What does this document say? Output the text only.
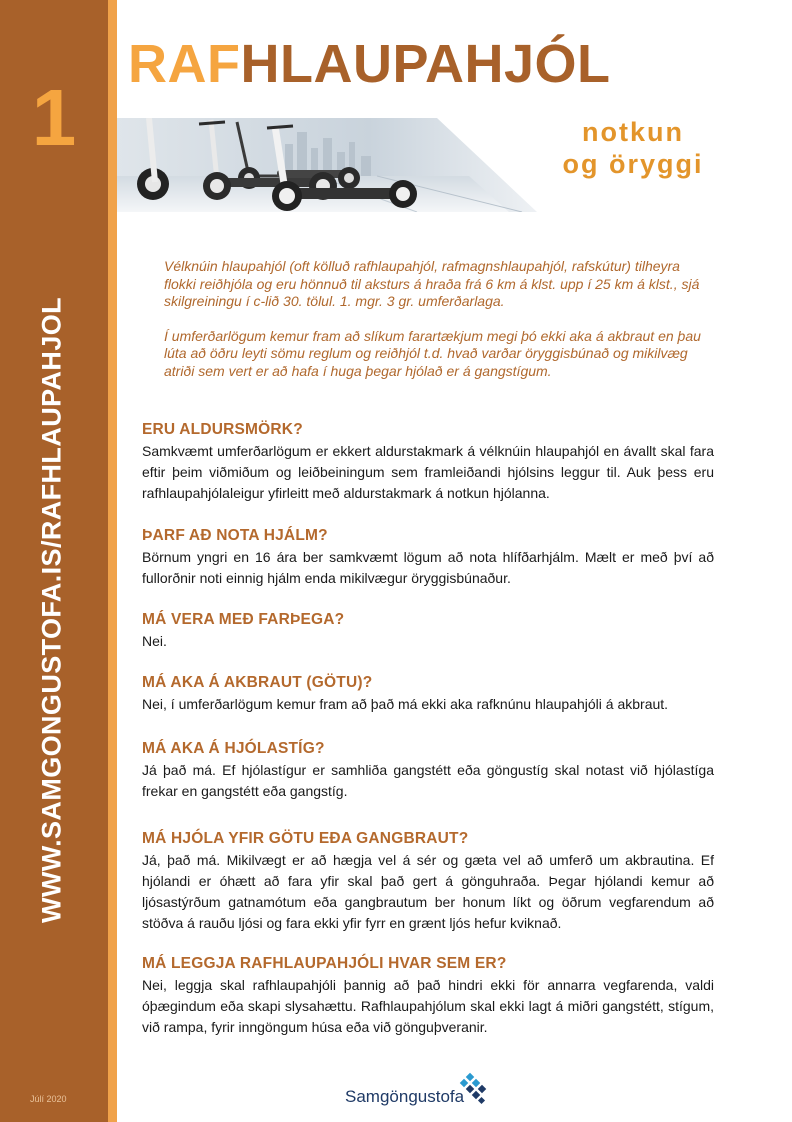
1
WWW.SAMGONGUSTOFA.IS/RAFHLAUPAHJOL
Júlí 2020
RAFHLAUPAHJÓL
notkun
og öryggi

Vélknúin hlaupahjól (oft kölluð rafhlaupahjól, rafmagnshlaupahjól, rafskútur) tilheyra flokki reiðhjóla og eru hönnuð til aksturs á hraða frá 6 km á klst. upp í 25 km á klst., sjá skilgreiningu í c-lið 30. tölul. 1. mgr. 3 gr. umferðarlaga.

Í umferðarlögum kemur fram að slíkum farartækjum megi þó ekki aka á akbraut en þau lúta að öðru leyti sömu reglum og reiðhjól t.d. hvað varðar öryggisbúnað og mikilvæg atriði sem vert er að hafa í huga þegar hjólað er á gangstígum.

ERU ALDURSMÖRK?

Samkvæmt umferðarlögum er ekkert aldurstakmark á vélknúin hlaupahjól en ávallt skal fara eftir þeim viðmiðum og leiðbeiningum sem framleiðandi hjólsins leggur til. Auk þess eru rafhlaupahjólaleigur yfirleitt með aldurstakmark á notkun hjólanna.

ÞARF AÐ NOTA HJÁLM?

Börnum yngri en 16 ára ber samkvæmt lögum að nota hlífðarhjálm. Mælt er með því að fullorðnir noti einnig hjálm enda mikilvægur öryggisbúnaður.

MÁ VERA MEÐ FARÞEGA?

Nei.

MÁ AKA Á AKBRAUT (GÖTU)?

Nei, í umferðarlögum kemur fram að það má ekki aka rafknúnu hlaupahjóli á akbraut.

MÁ AKA Á HJÓLASTÍG?

Já það má. Ef hjólastígur er samhliða gangstétt eða göngustíg skal notast við hjólastíga frekar en gangstétt eða gangstíg.

MÁ HJÓLA YFIR GÖTU EÐA GANGBRAUT?

Já, það má. Mikilvægt er að hægja vel á sér og gæta vel að umferð um akbrautina. Ef hjólandi er óhætt að fara yfir skal það gert á gönguhraða. Þegar hjólandi kemur að ljósastýrðum gatnamótum eða gangbrautum ber honum líkt og öðrum vegfarendum að stöðva á rauðu ljósi og fara ekki yfir fyrr en grænt ljós hefur kviknað.

MÁ LEGGJA RAFHLAUPAHJÓLI HVAR SEM ER?

Nei, leggja skal rafhlaupahjóli þannig að það hindri ekki för annarra vegfarenda, valdi óþægindum eða skapi slysahættu. Rafhlaupahjólum skal ekki lagt á miðri gangstétt, stígum, við rampa, fyrir inngöngum húsa eða við gönguþveranir.

Samgöngustofa
